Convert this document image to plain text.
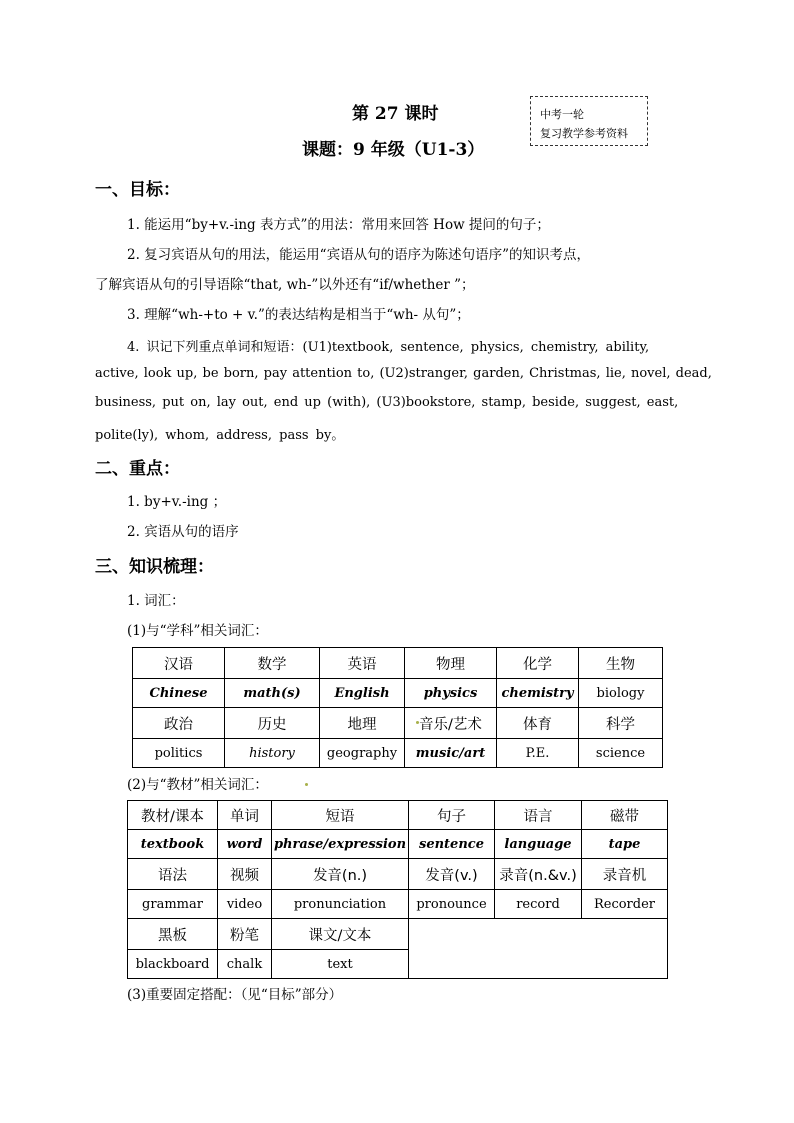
第 27 课时
课题：9 年级（U1-3）
中考一轮
复习教学参考资料
一、目标：
1. 能运用“by+v.-ing 表方式”的用法：常用来回答 How 提问的句子；
2. 复习宾语从句的用法，能运用“宾语从句的语序为陈述句语序”的知识考点，
了解宾语从句的引导语除“that, wh-”以外还有“if/whether ”；
3. 理解“wh-+to + v.”的表达结构是相当于“wh- 从句”；
4. 识记下列重点单词和短语：(U1)textbook, sentence, physics, chemistry, ability,
active, look up, be born, pay attention to, (U2)stranger, garden, Christmas, lie, novel, dead,
business, put on, lay out, end up (with), (U3)bookstore, stamp, beside, suggest, east,
polite(ly), whom, address, pass by。
二、重点：
1. by+v.-ing ；
2. 宾语从句的语序
三、知识梳理：
1. 词汇：
(1)与“学科”相关词汇：
汉语	数学	英语	物理	化学	生物
Chinese	math(s)	English	physics	chemistry	biology
政治	历史	地理	音乐/艺术	体育	科学
politics	history	geography	music/art	P.E.	science
(2)与“教材”相关词汇：
教材/课本	单词	短语	句子	语言	磁带
textbook	word	phrase/expression	sentence	language	tape
语法	视频	发音(n.)	发音(v.)	录音(n.&v.)	录音机
grammar	video	pronunciation	pronounce	record	Recorder
黑板	粉笔	课文/文本			
blackboard	chalk	text			
(3)重要固定搭配：（见“目标”部分）
